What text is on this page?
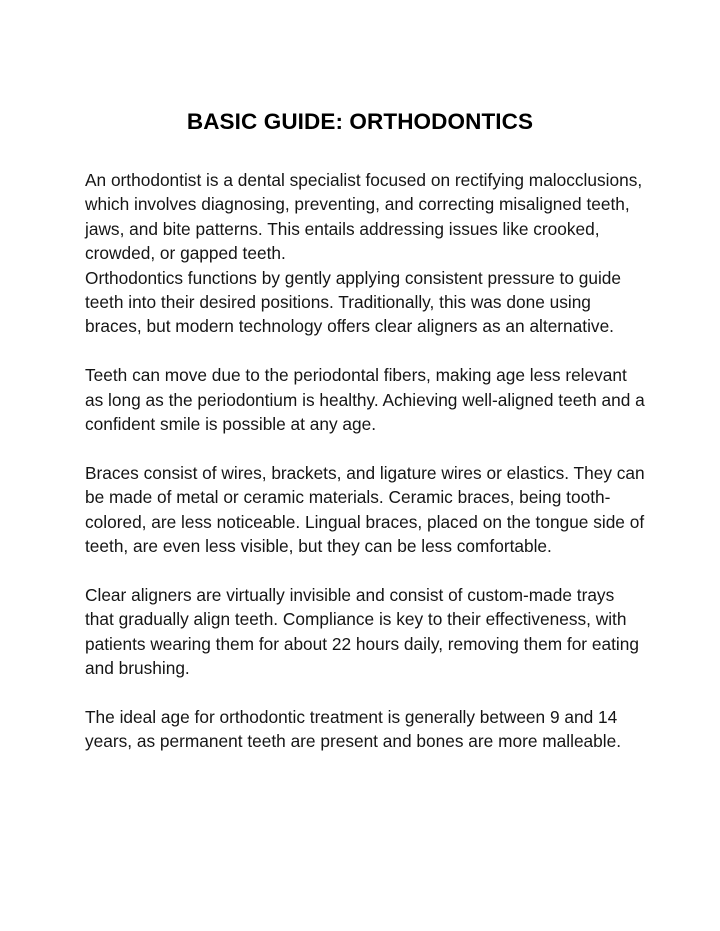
BASIC GUIDE: ORTHODONTICS

An orthodontist is a dental specialist focused on rectifying malocclusions, which involves diagnosing, preventing, and correcting misaligned teeth, jaws, and bite patterns. This entails addressing issues like crooked, crowded, or gapped teeth.

Orthodontics functions by gently applying consistent pressure to guide teeth into their desired positions. Traditionally, this was done using braces, but modern technology offers clear aligners as an alternative.

Teeth can move due to the periodontal fibers, making age less relevant as long as the periodontium is healthy. Achieving well-aligned teeth and a confident smile is possible at any age.

Braces consist of wires, brackets, and ligature wires or elastics. They can be made of metal or ceramic materials. Ceramic braces, being tooth-colored, are less noticeable. Lingual braces, placed on the tongue side of teeth, are even less visible, but they can be less comfortable.

Clear aligners are virtually invisible and consist of custom-made trays that gradually align teeth. Compliance is key to their effectiveness, with patients wearing them for about 22 hours daily, removing them for eating and brushing.

The ideal age for orthodontic treatment is generally between 9 and 14 years, as permanent teeth are present and bones are more malleable.
